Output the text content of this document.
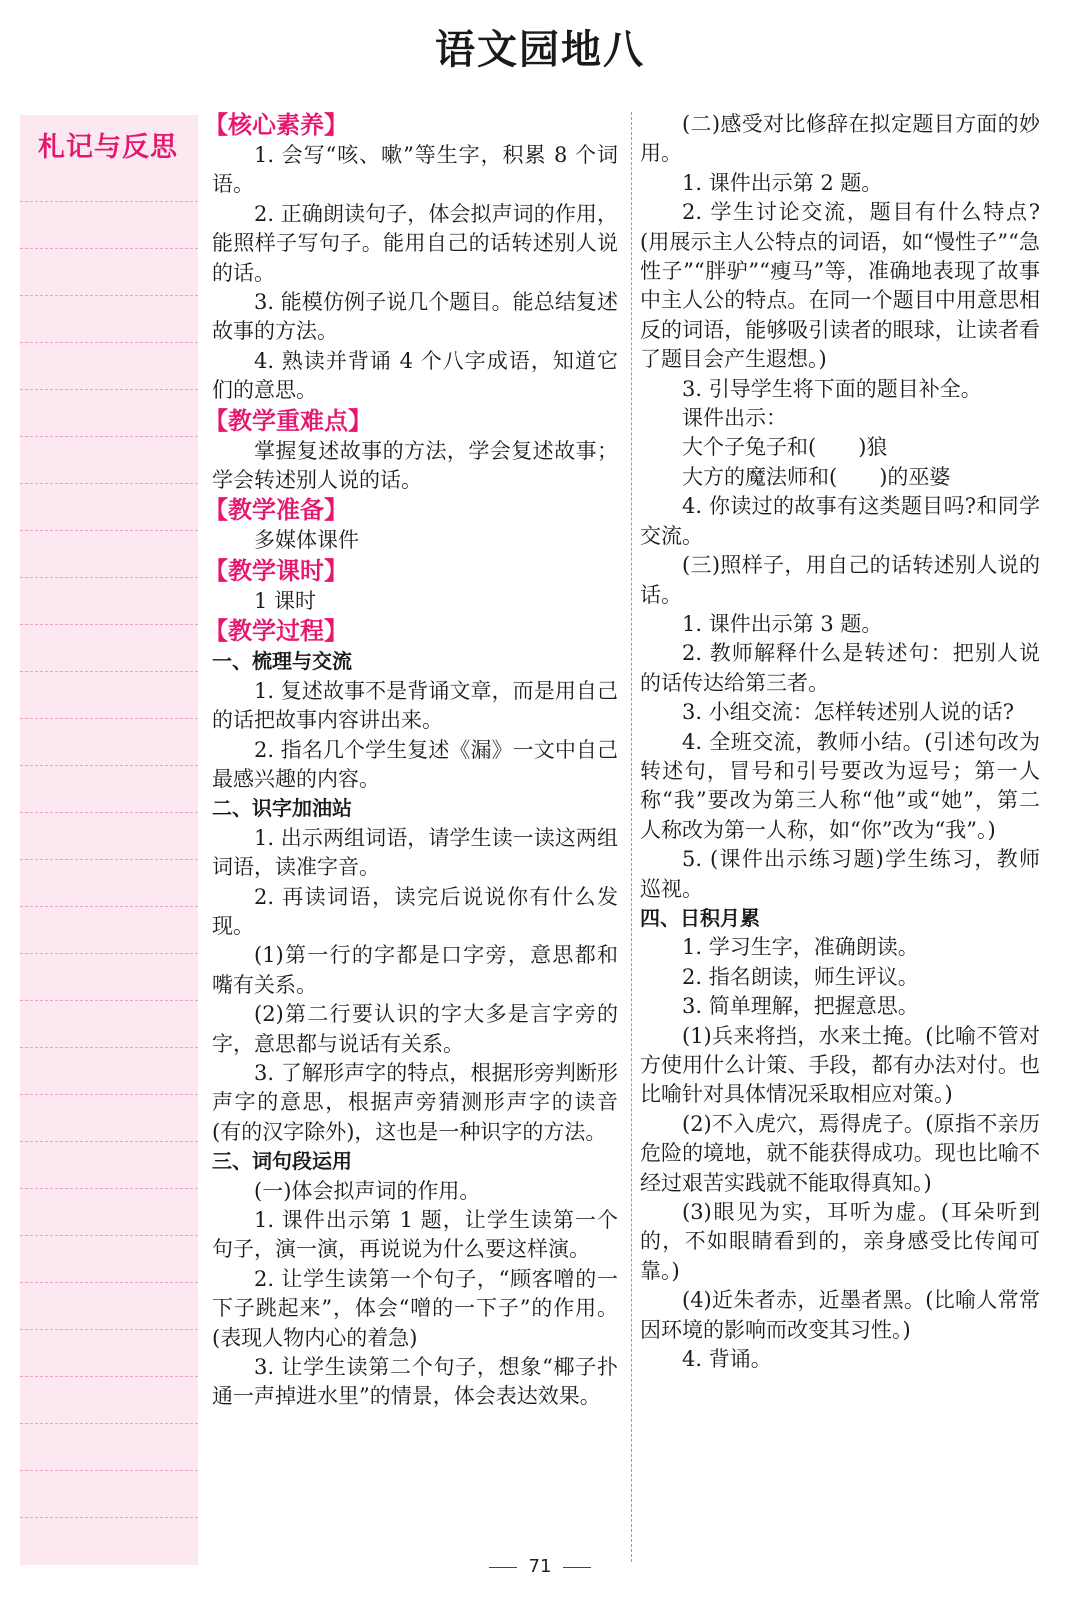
语文园地八
札记与反思

【核心素养】

1. 会写“咳、嗽”等生字，积累 8 个词语。

2. 正确朗读句子，体会拟声词的作用，能照样子写句子。能用自己的话转述别人说的话。

3. 能模仿例子说几个题目。能总结复述故事的方法。

4. 熟读并背诵 4 个八字成语，知道它们的意思。

【教学重难点】

掌握复述故事的方法，学会复述故事；学会转述别人说的话。

【教学准备】

多媒体课件

【教学课时】

1 课时

【教学过程】

一、梳理与交流

1. 复述故事不是背诵文章，而是用自己的话把故事内容讲出来。

2. 指名几个学生复述《漏》一文中自己最感兴趣的内容。

二、识字加油站

1. 出示两组词语，请学生读一读这两组词语，读准字音。

2. 再读词语，读完后说说你有什么发现。

(1)第一行的字都是口字旁，意思都和嘴有关系。

(2)第二行要认识的字大多是言字旁的字，意思都与说话有关系。

3. 了解形声字的特点，根据形旁判断形声字的意思，根据声旁猜测形声字的读音(有的汉字除外)，这也是一种识字的方法。

三、词句段运用

(一)体会拟声词的作用。

1. 课件出示第 1 题，让学生读第一个句子，演一演，再说说为什么要这样演。

2. 让学生读第一个句子，“顾客噌的一下子跳起来”，体会“噌的一下子”的作用。(表现人物内心的着急)

3. 让学生读第二个句子，想象“椰子扑通一声掉进水里”的情景，体会表达效果。

(二)感受对比修辞在拟定题目方面的妙用。

1. 课件出示第 2 题。

2. 学生讨论交流，题目有什么特点?(用展示主人公特点的词语，如“慢性子”“急性子”“胖驴”“瘦马”等，准确地表现了故事中主人公的特点。在同一个题目中用意思相反的词语，能够吸引读者的眼球，让读者看了题目会产生遐想。)

3. 引导学生将下面的题目补全。

课件出示：

大个子兔子和(　　)狼

大方的魔法师和(　　)的巫婆

4. 你读过的故事有这类题目吗?和同学交流。

(三)照样子，用自己的话转述别人说的话。

1. 课件出示第 3 题。

2. 教师解释什么是转述句：把别人说的话传达给第三者。

3. 小组交流：怎样转述别人说的话?

4. 全班交流，教师小结。(引述句改为转述句，冒号和引号要改为逗号；第一人称“我”要改为第三人称“他”或“她”，第二人称改为第一人称，如“你”改为“我”。)

5. (课件出示练习题)学生练习，教师巡视。

四、日积月累

1. 学习生字，准确朗读。

2. 指名朗读，师生评议。

3. 简单理解，把握意思。

(1)兵来将挡，水来土掩。(比喻不管对方使用什么计策、手段，都有办法对付。也比喻针对具体情况采取相应对策。)

(2)不入虎穴，焉得虎子。(原指不亲历危险的境地，就不能获得成功。现也比喻不经过艰苦实践就不能取得真知。)

(3)眼见为实，耳听为虚。(耳朵听到的，不如眼睛看到的，亲身感受比传闻可靠。)

(4)近朱者赤，近墨者黑。(比喻人常常因环境的影响而改变其习性。)

4. 背诵。

71
